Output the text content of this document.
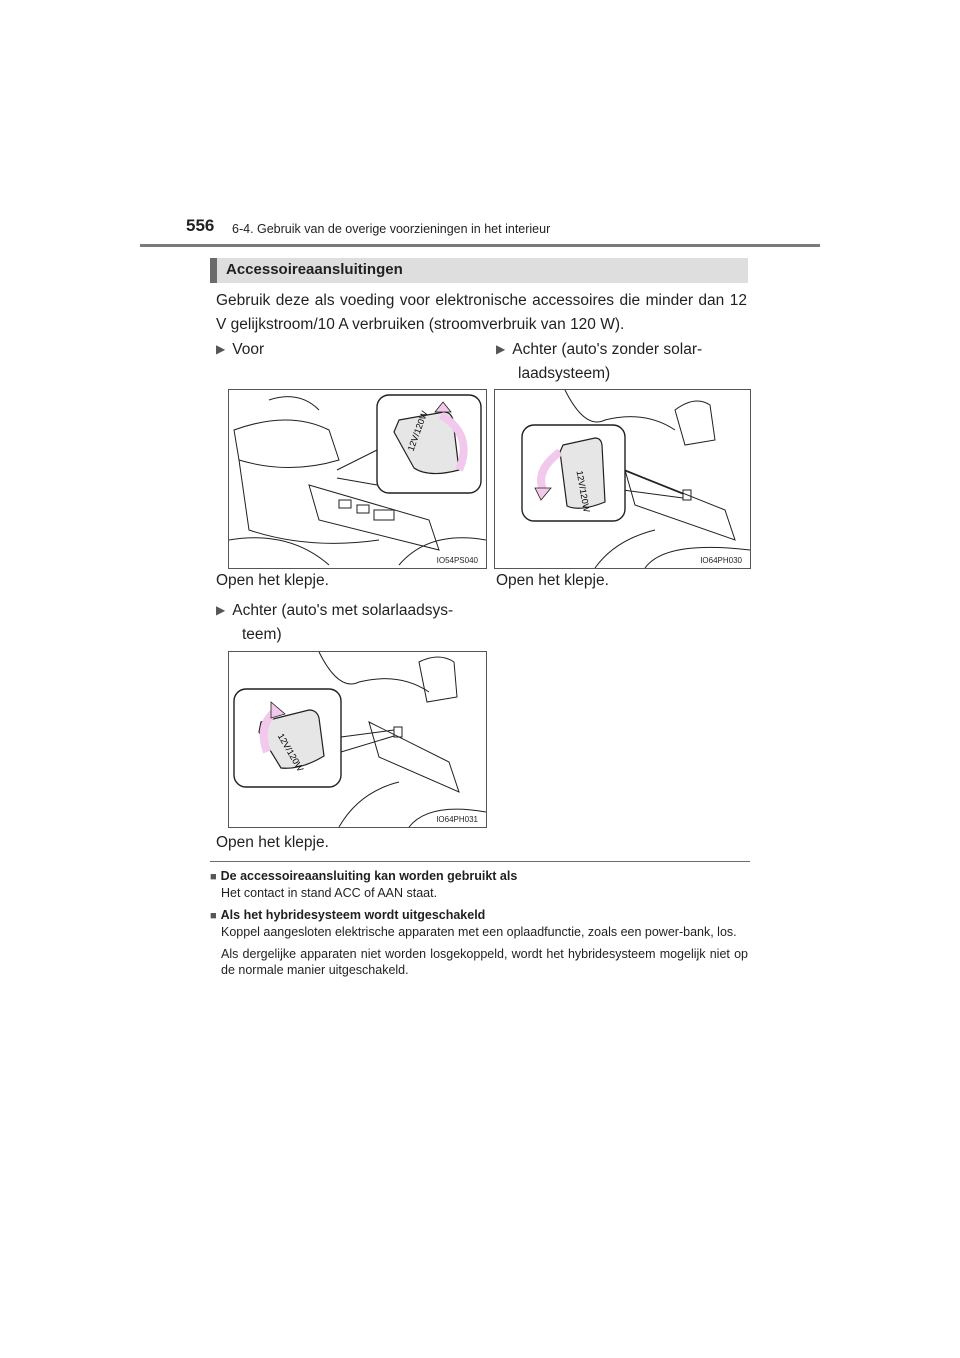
556 6-4. Gebruik van de overige voorzieningen in het interieur
Accessoireaansluitingen
Gebruik deze als voeding voor elektronische accessoires die minder dan 12 V gelijkstroom/10 A verbruiken (stroomverbruik van 120 W).
▶ Voor	▶ Achter (auto's zonder solar-
laadsysteem)
12V/120W
IO54PS040
12V/120W
IO64PH030
Open het klepje.	Open het klepje.
▶ Achter (auto's met solarlaadsys-
teem)
12V/120W
IO64PH031
Open het klepje.
■ De accessoireaansluiting kan worden gebruikt als
Het contact in stand ACC of AAN staat.
■ Als het hybridesysteem wordt uitgeschakeld
Koppel aangesloten elektrische apparaten met een oplaadfunctie, zoals een power-bank, los.
Als dergelijke apparaten niet worden losgekoppeld, wordt het hybridesysteem mogelijk niet op de normale manier uitgeschakeld.
